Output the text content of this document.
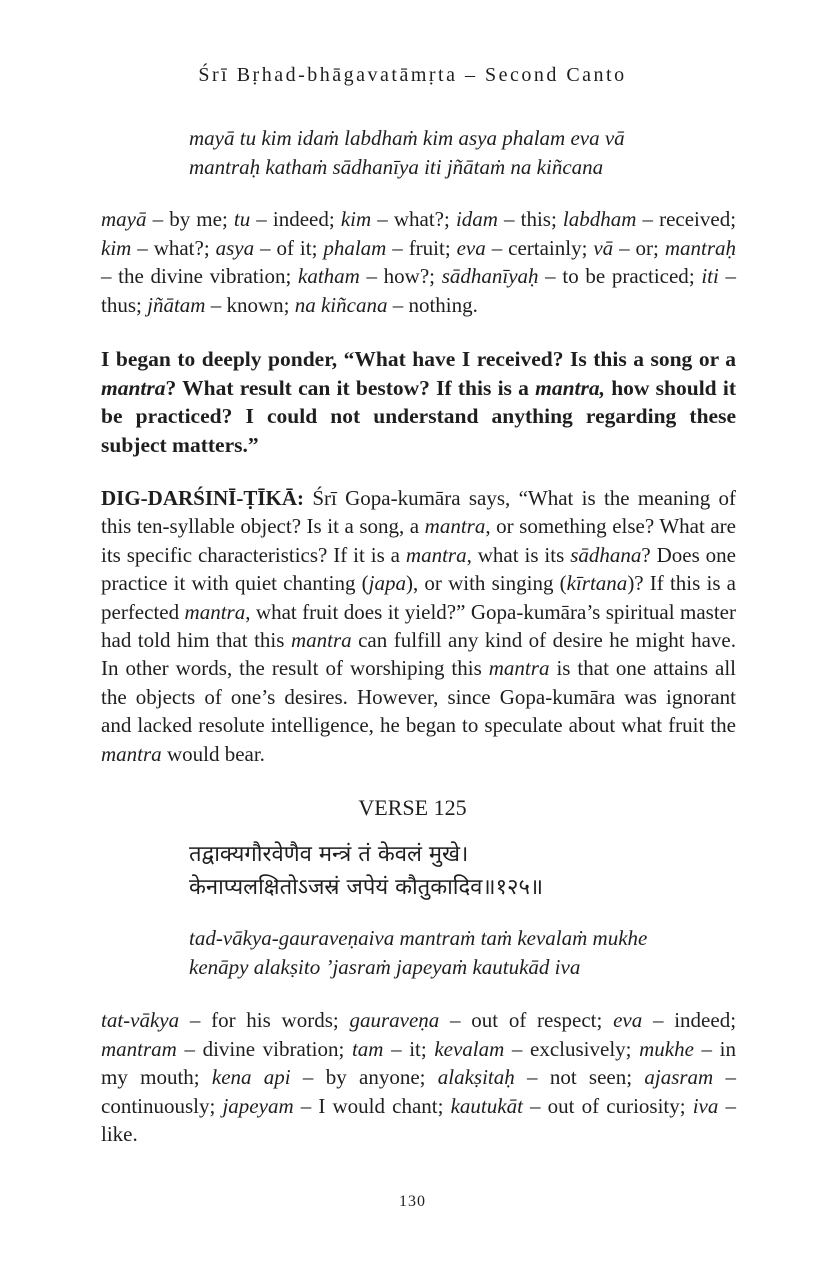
Śrī Bṛhad-bhāgavatāmṛta – Second Canto
mayā tu kim idaṁ labdhaṁ kim asya phalam eva vā
mantraḥ kathaṁ sādhanīya iti jñātaṁ na kiñcana
mayā – by me; tu – indeed; kim – what?; idam – this; labdham – received; kim – what?; asya – of it; phalam – fruit; eva – certainly; vā – or; mantraḥ – the divine vibration; katham – how?; sādhanīyaḥ – to be practiced; iti – thus; jñātam – known; na kiñcana – nothing.
I began to deeply ponder, “What have I received? Is this a song or a mantra? What result can it bestow? If this is a mantra, how should it be practiced? I could not understand anything regarding these subject matters.”
DIG-DARŚINĪ-ṬĪKĀ: Śrī Gopa-kumāra says, “What is the meaning of this ten-syllable object? Is it a song, a mantra, or something else? What are its specific characteristics? If it is a mantra, what is its sādhana? Does one practice it with quiet chanting (japa), or with singing (kīrtana)? If this is a perfected mantra, what fruit does it yield?” Gopa-kumāra’s spiritual master had told him that this mantra can fulfill any kind of desire he might have. In other words, the result of worshiping this mantra is that one attains all the objects of one’s desires. However, since Gopa-kumāra was ignorant and lacked resolute intelligence, he began to speculate about what fruit the mantra would bear.
VERSE 125
तद्वाक्यगौरवेणैव मन्त्रं तं केवलं मुखे।
केनाप्यलक्षितोऽजस्रं जपेयं कौतुकादिव॥१२५॥
tad-vākya-gauraveṇaiva mantraṁ taṁ kevalaṁ mukhe
kenāpy alakṣito ’jasraṁ japeyaṁ kautukād iva
tat-vākya – for his words; gauraveṇa – out of respect; eva – indeed; mantram – divine vibration; tam – it; kevalam – exclusively; mukhe – in my mouth; kena api – by anyone; alakṣitaḥ – not seen; ajasram – continuously; japeyam – I would chant; kautukāt – out of curiosity; iva – like.
130
